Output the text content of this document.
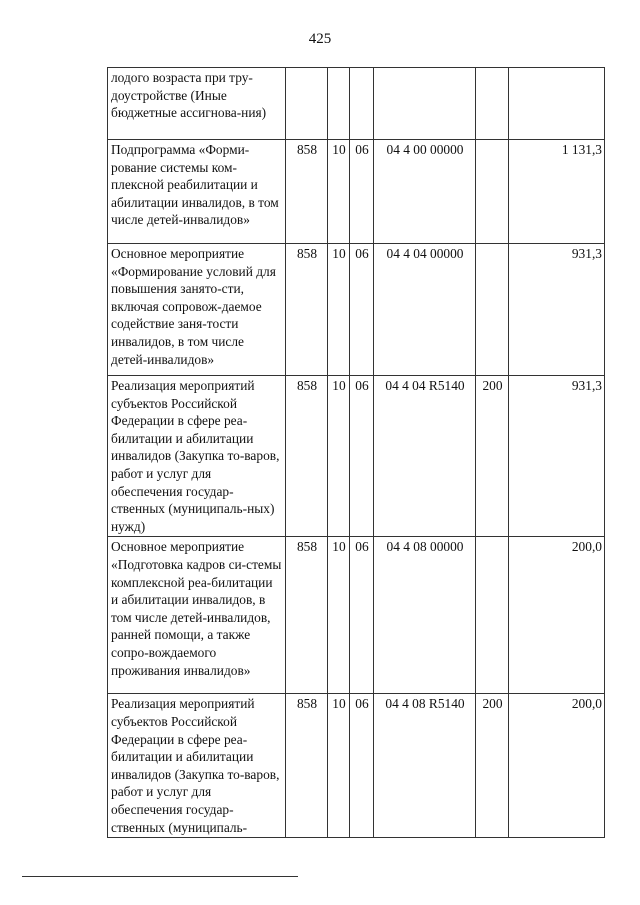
425
лодого возраста при тру-доустройстве (Иные бюджетные ассигнова-ния)						
Подпрограмма «Форми-рование системы ком-плексной реабилитации и абилитации инвалидов, в том числе детей-инвалидов»	858	10	06	04 4 00 00000		1 131,3
Основное мероприятие «Формирование условий для повышения занято-сти, включая сопровож-даемое содействие заня-тости инвалидов, в том числе детей-инвалидов»	858	10	06	04 4 04 00000		931,3
Реализация мероприятий субъектов Российской Федерации в сфере реа-билитации и абилитации инвалидов (Закупка то-варов, работ и услуг для обеспечения государ-ственных (муниципаль-ных) нужд)	858	10	06	04 4 04 R5140	200	931,3
Основное мероприятие «Подготовка кадров си-стемы комплексной реа-билитации и абилитации инвалидов, в том числе детей-инвалидов, ранней помощи, а также сопро-вождаемого проживания инвалидов»	858	10	06	04 4 08 00000		200,0
Реализация мероприятий субъектов Российской Федерации в сфере реа-билитации и абилитации инвалидов (Закупка то-варов, работ и услуг для обеспечения государ-ственных (муниципаль-	858	10	06	04 4 08 R5140	200	200,0
